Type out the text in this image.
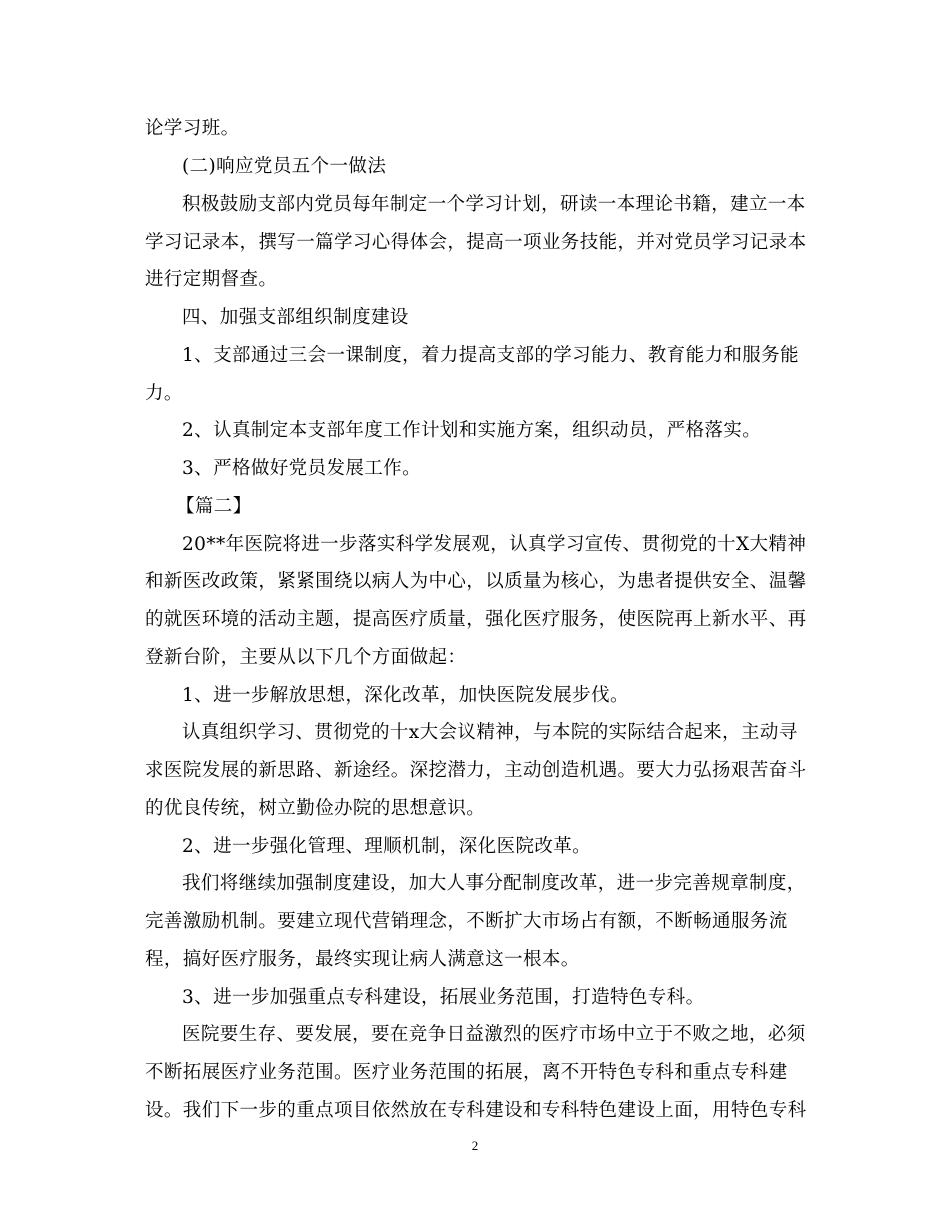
论学习班。
(二)响应党员五个一做法
积极鼓励支部内党员每年制定一个学习计划，研读一本理论书籍，建立一本
学习记录本，撰写一篇学习心得体会，提高一项业务技能，并对党员学习记录本
进行定期督查。
四、加强支部组织制度建设
1、支部通过三会一课制度，着力提高支部的学习能力、教育能力和服务能
力。
2、认真制定本支部年度工作计划和实施方案，组织动员，严格落实。
3、严格做好党员发展工作。
【篇二】
20**年医院将进一步落实科学发展观，认真学习宣传、贯彻党的十X大精神
和新医改政策，紧紧围绕以病人为中心，以质量为核心，为患者提供安全、温馨
的就医环境的活动主题，提高医疗质量，强化医疗服务，使医院再上新水平、再
登新台阶，主要从以下几个方面做起：
1、进一步解放思想，深化改革，加快医院发展步伐。
认真组织学习、贯彻党的十x大会议精神，与本院的实际结合起来，主动寻
求医院发展的新思路、新途经。深挖潜力，主动创造机遇。要大力弘扬艰苦奋斗
的优良传统，树立勤俭办院的思想意识。
2、进一步强化管理、理顺机制，深化医院改革。
我们将继续加强制度建设，加大人事分配制度改革，进一步完善规章制度，
完善激励机制。要建立现代营销理念，不断扩大市场占有额，不断畅通服务流
程，搞好医疗服务，最终实现让病人满意这一根本。
3、进一步加强重点专科建设，拓展业务范围，打造特色专科。
医院要生存、要发展，要在竞争日益激烈的医疗市场中立于不败之地，必须
不断拓展医疗业务范围。医疗业务范围的拓展，离不开特色专科和重点专科建
设。我们下一步的重点项目依然放在专科建设和专科特色建设上面，用特色专科
2
